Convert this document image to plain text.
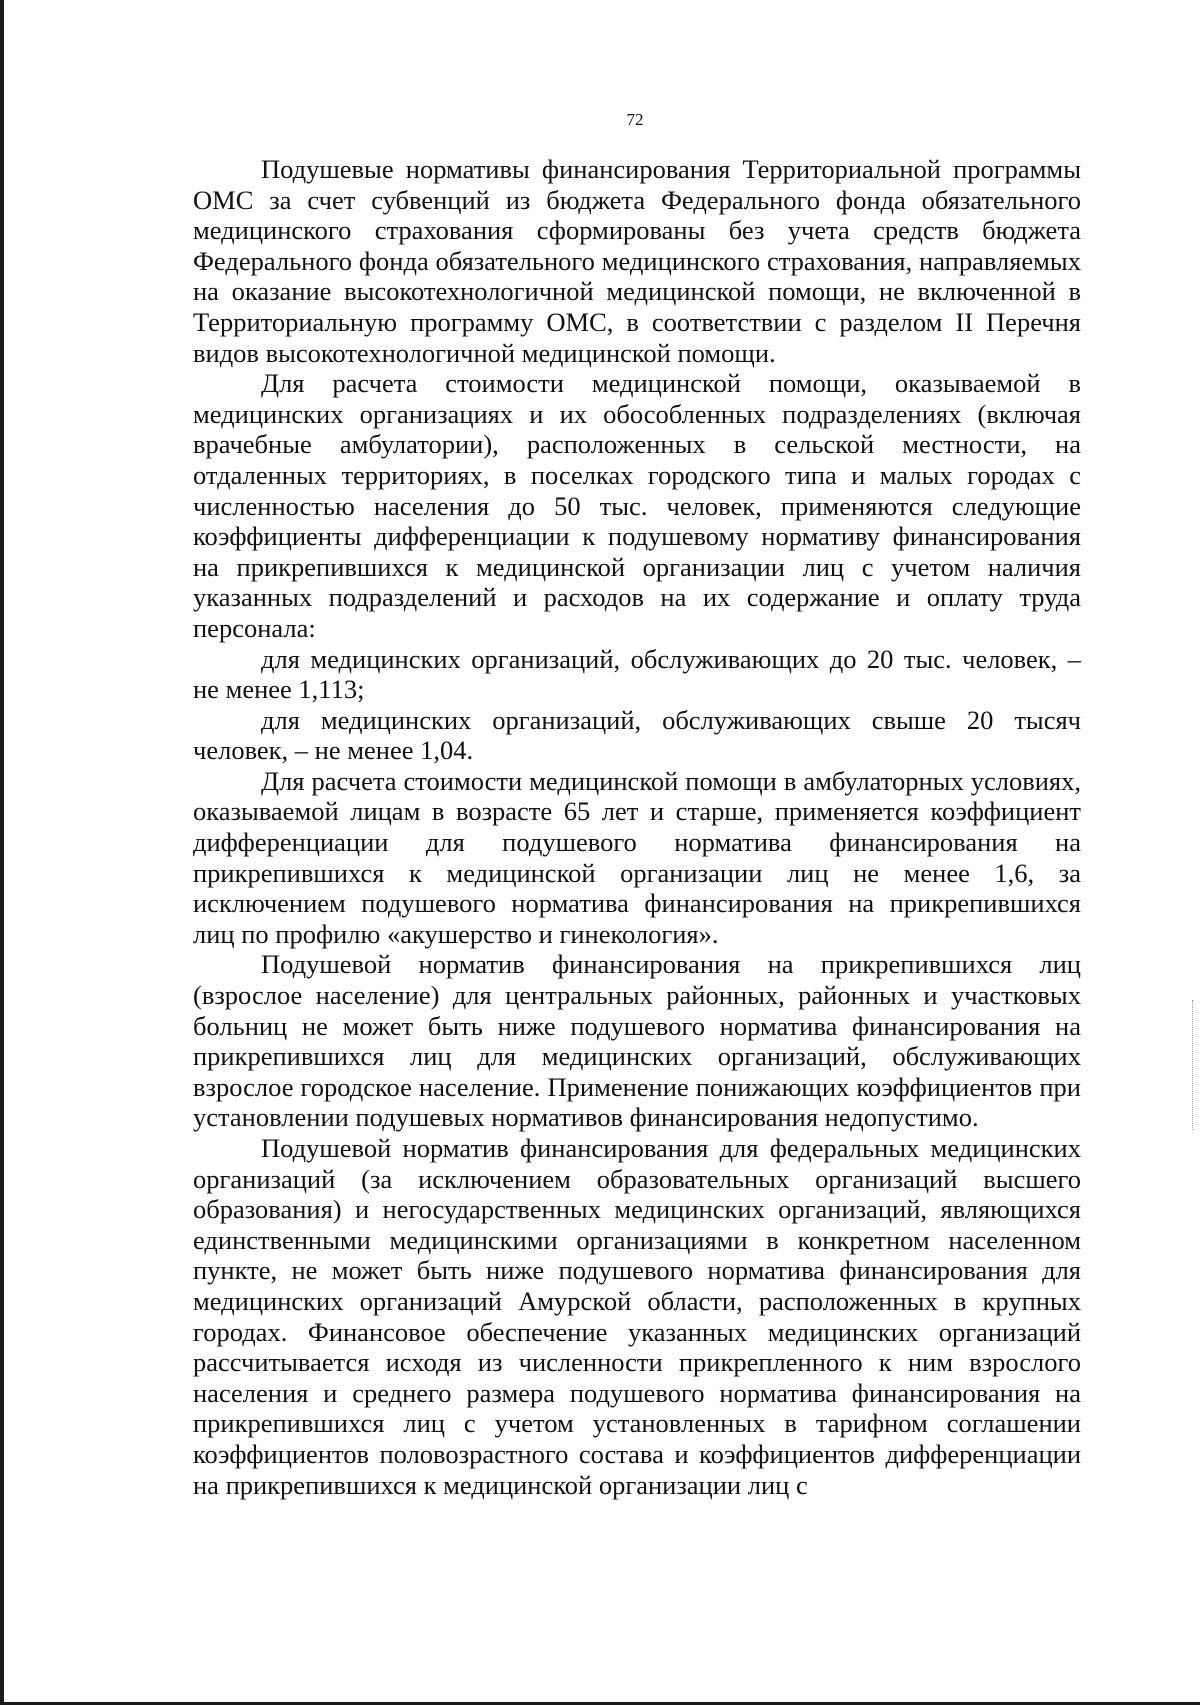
72

Подушевые нормативы финансирования Территориальной программы ОМС за счет субвенций из бюджета Федерального фонда обязательного медицинского страхования сформированы без учета средств бюджета Федерального фонда обязательного медицинского страхования, направляемых на оказание высокотехнологичной медицинской помощи, не включенной в Территориальную программу ОМС, в соответствии с разделом II Перечня видов высокотехнологичной медицинской помощи.

Для расчета стоимости медицинской помощи, оказываемой в медицинских организациях и их обособленных подразделениях (включая врачебные амбулатории), расположенных в сельской местности, на отдаленных территориях, в поселках городского типа и малых городах с численностью населения до 50 тыс. человек, применяются следующие коэффициенты дифференциации к подушевому нормативу финансирования на прикрепившихся к медицинской организации лиц с учетом наличия указанных подразделений и расходов на их содержание и оплату труда персонала:

для медицинских организаций, обслуживающих до 20 тыс. человек, – не менее 1,113;

для медицинских организаций, обслуживающих свыше 20 тысяч человек, – не менее 1,04.

Для расчета стоимости медицинской помощи в амбулаторных условиях, оказываемой лицам в возрасте 65 лет и старше, применяется коэффициент дифференциации для подушевого норматива финансирования на прикрепившихся к медицинской организации лиц не менее 1,6, за исключением подушевого норматива финансирования на прикрепившихся лиц по профилю «акушерство и гинекология».

Подушевой норматив финансирования на прикрепившихся лиц (взрослое население) для центральных районных, районных и участковых больниц не может быть ниже подушевого норматива финансирования на прикрепившихся лиц для медицинских организаций, обслуживающих взрослое городское население. Применение понижающих коэффициентов при установлении подушевых нормативов финансирования недопустимо.

Подушевой норматив финансирования для федеральных медицинских организаций (за исключением образовательных организаций высшего образования) и негосударственных медицинских организаций, являющихся единственными медицинскими организациями в конкретном населенном пункте, не может быть ниже подушевого норматива финансирования для медицинских организаций Амурской области, расположенных в крупных городах. Финансовое обеспечение указанных медицинских организаций рассчитывается исходя из численности прикрепленного к ним взрослого населения и среднего размера подушевого норматива финансирования на прикрепившихся лиц с учетом установленных в тарифном соглашении коэффициентов половозрастного состава и коэффициентов дифференциации на прикрепившихся к медицинской организации лиц с
